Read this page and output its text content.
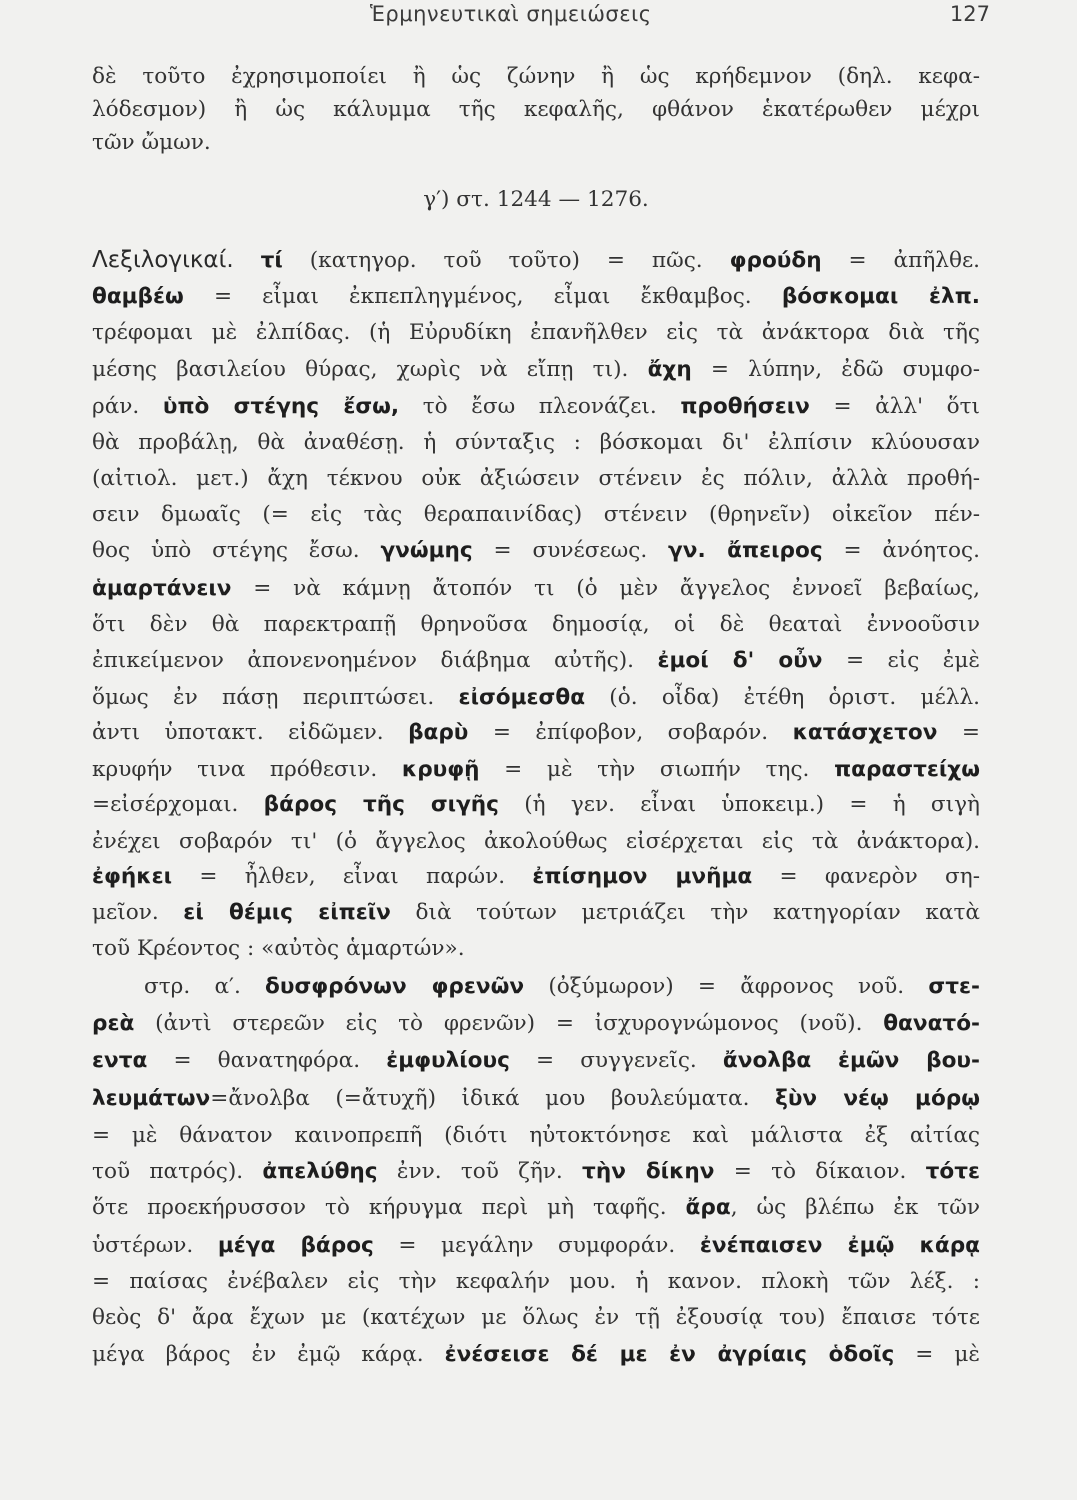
Ἑρμηνευτικαὶ σημειώσεις	127
δὲ τοῦτο ἐχρησιμοποίει ἢ ὡς ζώνην ἢ ὡς κρήδεμνον (δηλ. κεφα-
λόδεσμον) ἢ ὡς κάλυμμα τῆς κεφαλῆς, φθάνον ἑκατέρωθεν μέχρι
τῶν ὤμων.
γ′) στ. 1244 — 1276.
Λεξιλογικαί. τί (κατηγορ. τοῦ τοῦτο) = πῶς. φρούδη = ἀπῆλθε.
θαμβέω = εἶμαι ἐκπεπληγμένος, εἶμαι ἔκθαμβος. βόσκομαι ἐλπ.
τρέφομαι μὲ ἐλπίδας. (ἡ Εὐρυδίκη ἐπανῆλθεν εἰς τὰ ἀνάκτορα διὰ τῆς
μέσης βασιλείου θύρας, χωρὶς νὰ εἴπῃ τι). ἄχη = λύπην, ἐδῶ συμφο-
ράν. ὑπὸ στέγης ἔσω, τὸ ἔσω πλεονάζει. προθήσειν = ἀλλ' ὅτι
θὰ προβάλῃ, θὰ ἀναθέσῃ. ἡ σύνταξις : βόσκομαι δι' ἐλπίσιν κλύουσαν
(αἰτιολ. μετ.) ἄχη τέκνου οὐκ ἀξιώσειν στένειν ἐς πόλιν, ἀλλὰ προθή-
σειν δμωαῖς (= εἰς τὰς θεραπαινίδας) στένειν (θρηνεῖν) οἰκεῖον πέν-
θος ὑπὸ στέγης ἔσω. γνώμης = συνέσεως. γν. ἄπειρος = ἀνόητος.
ἁμαρτάνειν = νὰ κάμνῃ ἄτοπόν τι (ὁ μὲν ἄγγελος ἐννοεῖ βεβαίως,
ὅτι δὲν θὰ παρεκτραπῇ θρηνοῦσα δημοσίᾳ, οἱ δὲ θεαταὶ ἐννοοῦσιν
ἐπικείμενον ἀπονενοημένον διάβημα αὐτῆς). ἐμοί δ' οὖν = εἰς ἐμὲ
ὅμως ἐν πάσῃ περιπτώσει. εἰσόμεσθα (ὁ. οἶδα) ἐτέθη ὁριστ. μέλλ.
ἀντι ὑποτακτ. εἰδῶμεν. βαρὺ = ἐπίφοβον, σοβαρόν. κατάσχετον =
κρυφήν τινα πρόθεσιν. κρυφῇ = μὲ τὴν σιωπήν της. παραστείχω
=εἰσέρχομαι. βάρος τῆς σιγῆς (ἡ γεν. εἶναι ὑποκειμ.) = ἡ σιγὴ
ἐνέχει σοβαρόν τι' (ὁ ἄγγελος ἀκολούθως εἰσέρχεται εἰς τὰ ἀνάκτορα).
ἐφήκει = ἦλθεν, εἶναι παρών. ἐπίσημον μνῆμα = φανερὸν ση-
μεῖον. εἰ θέμις εἰπεῖν διὰ τούτων μετριάζει τὴν κατηγορίαν κατὰ
τοῦ Κρέοντος : «αὐτὸς ἁμαρτών».
στρ. α′. δυσφρόνων φρενῶν (ὀξύμωρον) = ἄφρονος νοῦ. στε-
ρεὰ (ἀντὶ στερεῶν εἰς τὸ φρενῶν) = ἰσχυρογνώμονος (νοῦ). θανατό-
εντα = θανατηφόρα. ἐμφυλίους = συγγενεῖς. ἄνολβα ἐμῶν βου-
λευμάτων=ἄνολβα (=ἄτυχῆ) ἰδικά μου βουλεύματα. ξὺν νέῳ μόρῳ
= μὲ θάνατον καινοπρεπῆ (διότι ηὐτοκτόνησε καὶ μάλιστα ἐξ αἰτίας
τοῦ πατρός). ἀπελύθης ἐνν. τοῦ ζῆν. τὴν δίκην = τὸ δίκαιον. τότε
ὅτε προεκήρυσσον τὸ κήρυγμα περὶ μὴ ταφῆς. ἄρα, ὡς βλέπω ἐκ τῶν
ὑστέρων. μέγα βάρος = μεγάλην συμφοράν. ἐνέπαισεν ἐμῷ κάρᾳ
= παίσας ἐνέβαλεν εἰς τὴν κεφαλήν μου. ἡ κανον. πλοκὴ τῶν λέξ. :
θεὸς δ' ἄρα ἔχων με (κατέχων με ὅλως ἐν τῇ ἐξουσίᾳ του) ἔπαισε τότε
μέγα βάρος ἐν ἐμῷ κάρᾳ. ἐνέσεισε δέ με ἐν ἀγρίαις ὁδοῖς = μὲ
